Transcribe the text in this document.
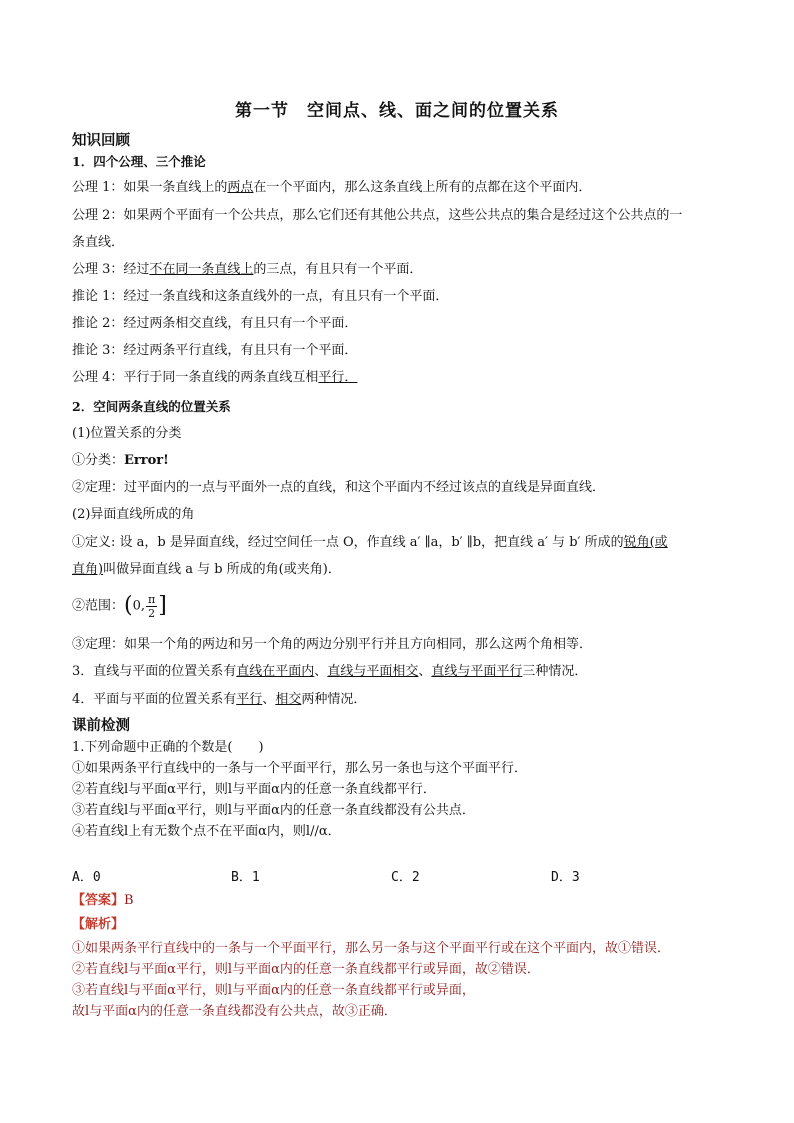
第一节　空间点、线、面之间的位置关系
知识回顾
1．四个公理、三个推论
公理 1：如果一条直线上的两点在一个平面内，那么这条直线上所有的点都在这个平面内．
公理 2：如果两个平面有一个公共点，那么它们还有其他公共点，这些公共点的集合是经过这个公共点的一
条直线．
公理 3：经过不在同一条直线上的三点，有且只有一个平面．
推论 1：经过一条直线和这条直线外的一点，有且只有一个平面．
推论 2：经过两条相交直线，有且只有一个平面．
推论 3：经过两条平行直线，有且只有一个平面．
公理 4：平行于同一条直线的两条直线互相平行．
2．空间两条直线的位置关系
(1)位置关系的分类
①分类：Error!
②定理：过平面内的一点与平面外一点的直线，和这个平面内不经过该点的直线是异面直线．
(2)异面直线所成的角
①定义: 设 a，b 是异面直线，经过空间任一点 O，作直线 a′ ∥a，b′ ∥b，把直线 a′ 与 b′ 所成的锐角(或
直角)叫做异面直线 a 与 b 所成的角(或夹角)．
②范围：(0, $\frac{\pi}{2}$ ]
③定理：如果一个角的两边和另一个角的两边分别平行并且方向相同，那么这两个角相等．
3．直线与平面的位置关系有直线在平面内、直线与平面相交、直线与平面平行三种情况．
4．平面与平面的位置关系有平行、相交两种情况．
课前检测
1.下列命题中正确的个数是(　　)
①如果两条平行直线中的一条与一个平面平行，那么另一条也与这个平面平行．
②若直线l与平面α平行，则l与平面α内的任意一条直线都平行．
③若直线l与平面α平行，则l与平面α内的任意一条直线都没有公共点．
④若直线l上有无数个点不在平面α内，则l//α．
A．0	B．1	C．2	D．3
【答案】B
【解析】
①如果两条平行直线中的一条与一个平面平行，那么另一条与这个平面平行或在这个平面内，故①错误．
②若直线l与平面α平行，则l与平面α内的任意一条直线都平行或异面，故②错误．
③若直线l与平面α平行，则l与平面α内的任意一条直线都平行或异面，
故l与平面α内的任意一条直线都没有公共点，故③正确．
